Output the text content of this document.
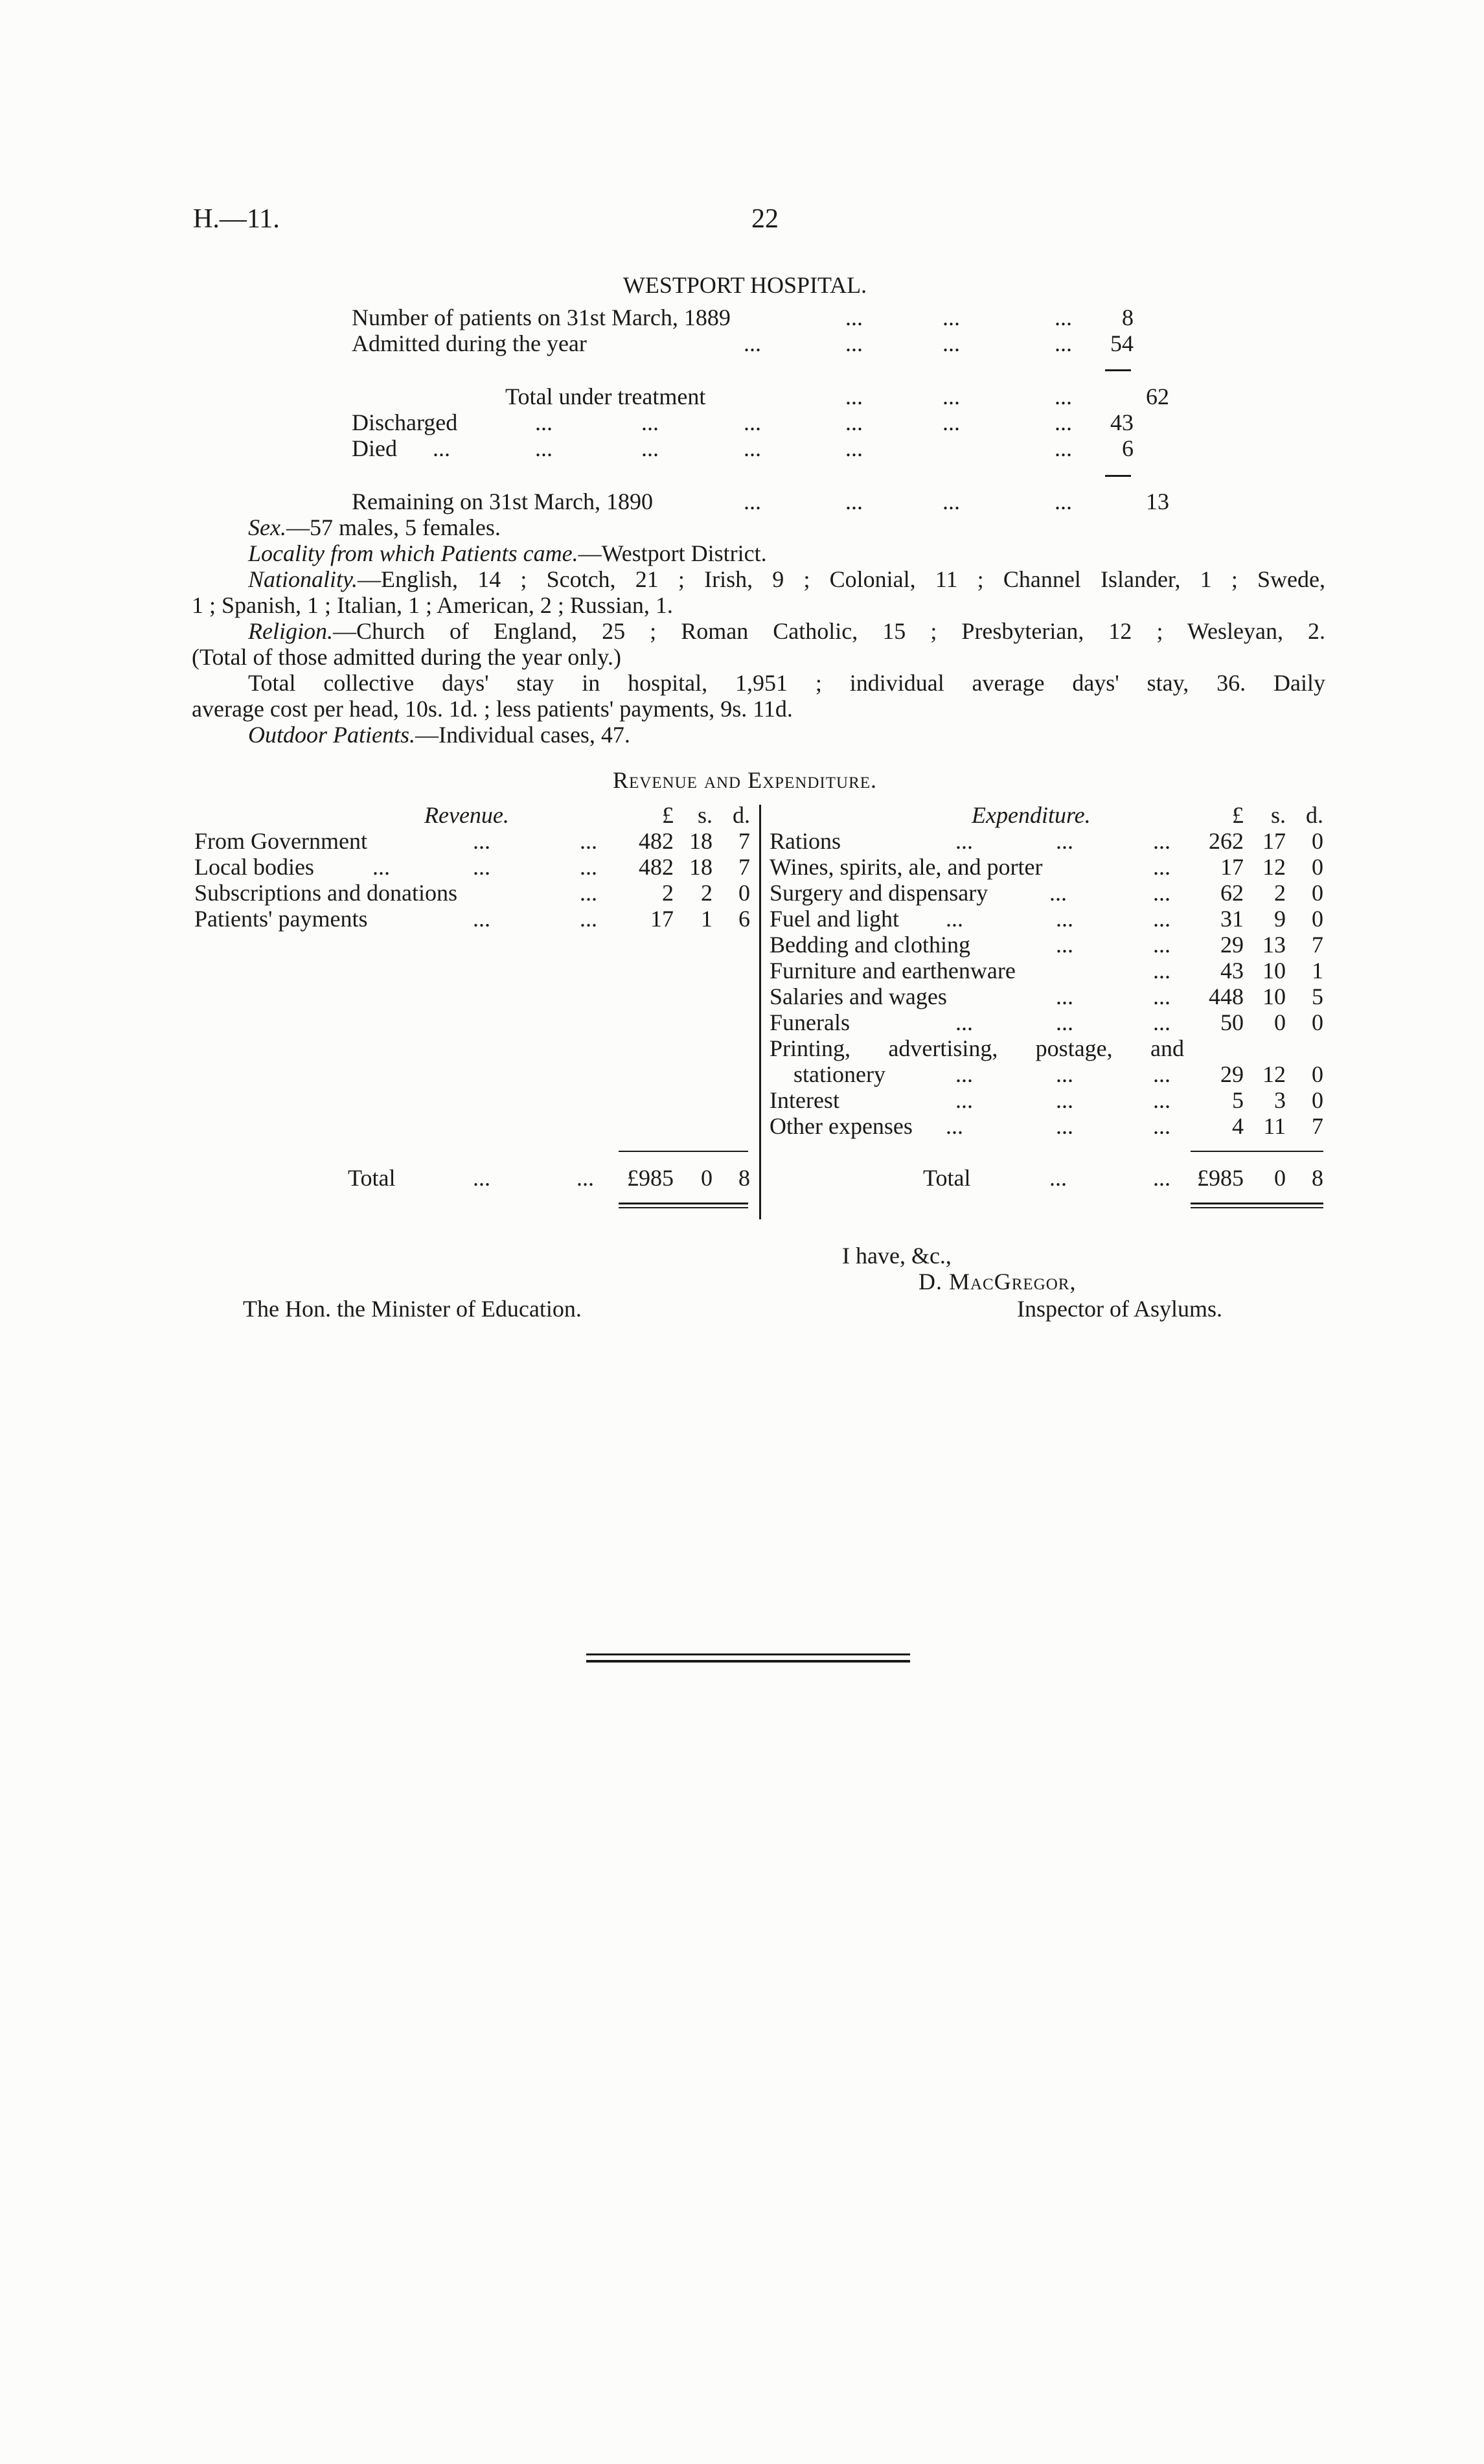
H.—11.	22
WESTPORT HOSPITAL.
Number of patients on 31st March, 1889	...	...	...	8
Admitted during the year	...	...	...	...	54
Total under treatment	...	...	...	62
Discharged	...	...	...	...	...	...	43
Died ...	...	...	...	...	...	6
Remaining on 31st March, 1890	...	...	...	...	13
Sex.—57 males, 5 females.
Locality from which Patients came.—Westport District.
Nationality.—English, 14 ; Scotch, 21 ; Irish, 9 ; Colonial, 11 ; Channel Islander, 1 ; Swede,
1 ; Spanish, 1 ; Italian, 1 ; American, 2 ; Russian, 1.
Religion.—Church of England, 25 ; Roman Catholic, 15 ; Presbyterian, 12 ; Wesleyan, 2.
(Total of those admitted during the year only.)
Total collective days' stay in hospital, 1,951 ; individual average days' stay, 36. Daily
average cost per head, 10s. 1d. ; less patients' payments, 9s. 11d.
Outdoor Patients.—Individual cases, 47.
Revenue and Expenditure.
Revenue.	£	s. d.	Expenditure.	£	s. d.
From Government	...	... 482 18	7
Local bodies	...	...	... 482 18	7
Subscriptions and donations	...	2	2	0
Patients' payments	...	...	17	1	6
Rations	...	...	... 262 17	0
Wines, spirits, ale, and porter	...	17 12	0
Surgery and dispensary	...	...	62	2	0
Fuel and light ...	...	...	31	9	0
Bedding and clothing	...	...	29 13	7
Furniture and earthenware	...	43 10	1
Salaries and wages	...	... 448 10	5
Funerals	...	...	...	50	0	0
Printing, advertising, postage, and
stationery	...	...	...	29 12	0
Interest	...	...	...	5	3	0
Other expenses ...	...	...	4 11	7
Total	...	...	£985	0	8	Total	...	...	£985	0	8
I have, &c.,
D. MacGregor,
The Hon. the Minister of Education.	Inspector of Asylums.
